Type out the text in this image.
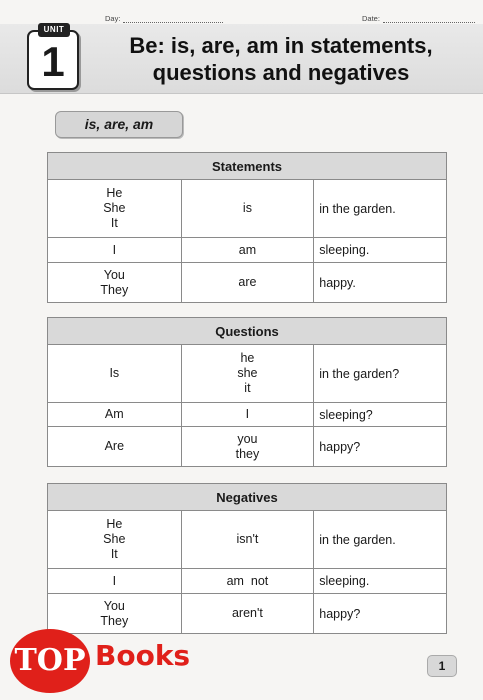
Day:	Date:
UNIT
1	Be: is, are, am in statements,
questions and negatives
is, are, am
Statements		

He
She
It	is	in the garden.
I	am	sleeping.

You
They	are	happy.
Questions		
Is	he
she
it	in the garden?
Am	I	sleeping?
Are	you
they	happy?
Negatives		

He
She
It	isn't	in the garden.
I	am  not	sleeping.

You
They	aren't	happy?
TOP Books	1
